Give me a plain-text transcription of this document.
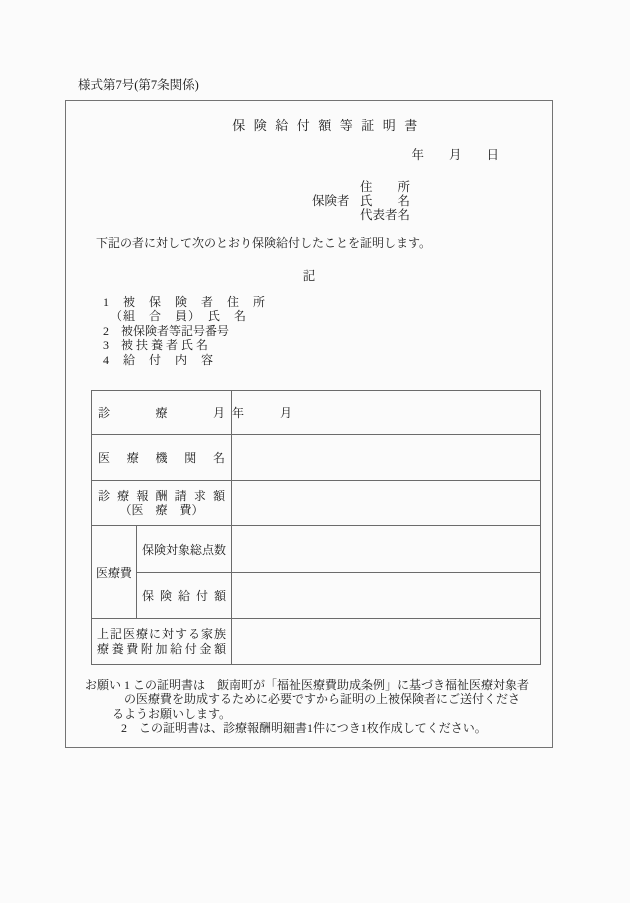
様式第7号(第7条関係)
保険給付額等証明書
年　　月　　日
保険者
住　　所
氏　　名
代表者名
下記の者に対して次のとおり保険給付したことを証明します。
記
1　被　保　険　者　住　所
　（組　合　員）　氏　名
2　被保険者等記号番号
3　被 扶 養 者 氏 名
4　給　付　内　容
診療月		年　　　月

医療機関名		

診療報酬請求額
（医　療　費）		

医療費	保険対象総点数	

	保険給付額	

上記医療に対する家族
療養費附加給付金額		

お願い 1 この証明書は　飯南町が「福祉医療費助成条例」に基づき福祉医療対象者
　　　 の医療費を助成するために必要ですから証明の上被保険者にご送付くださ
　　 るようお願いします。
　　　2　この証明書は、診療報酬明細書1件につき1枚作成してください。
